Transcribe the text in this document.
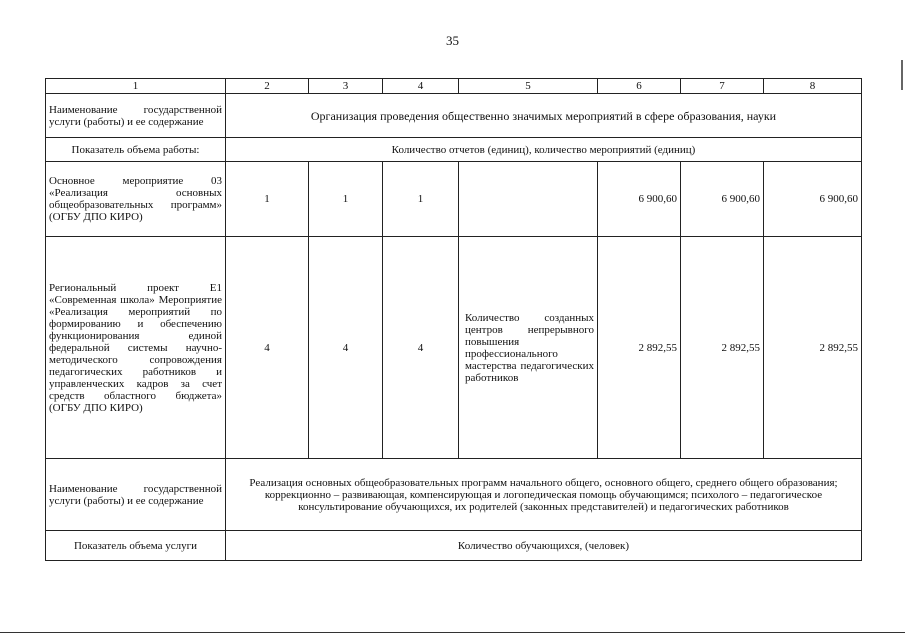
35
1	2	3	4	5	6	7	8
Наименование государственной услуги (работы) и ее содержание	Организация проведения общественно значимых мероприятий в сфере образования, науки						
Показатель объема работы:	Количество отчетов (единиц), количество мероприятий (единиц)						
Основное мероприятие 03 «Реализация основных общеобразовательных программ» (ОГБУ ДПО КИРО)	1	1	1		6 900,60	6 900,60	6 900,60
Региональный проект Е1 «Современная школа» Мероприятие «Реализация мероприятий по формированию и обеспечению функционирования единой федеральной системы научно-методического сопровождения педагогических работников и управленческих кадров за счет средств областного бюджета» (ОГБУ ДПО КИРО)	4	4	4	Количество созданных центров непрерывного повышения профессионального мастерства педагогических работников	2 892,55	2 892,55	2 892,55
Наименование государственной услуги (работы) и ее содержание	Реализация основных общеобразовательных программ начального общего, основного общего, среднего общего образования; коррекционно – развивающая, компенсирующая и логопедическая помощь обучающимся; психолого – педагогическое консультирование обучающихся, их родителей (законных представителей) и педагогических работников						
Показатель объема услуги	Количество обучающихся, (человек)						
